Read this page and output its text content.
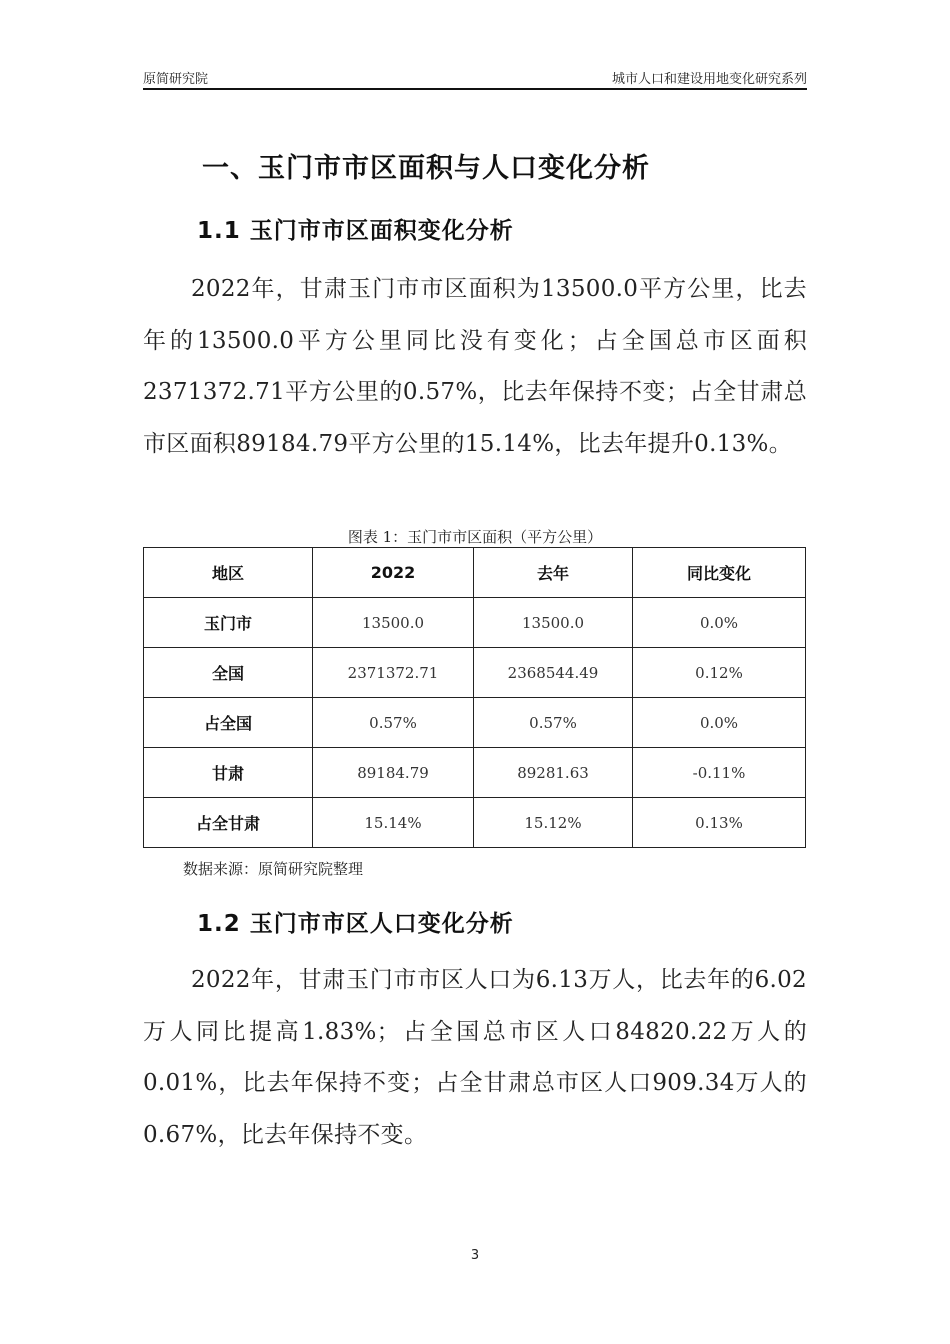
原简研究院	城市人口和建设用地变化研究系列
一、玉门市市区面积与人口变化分析
1.1 玉门市市区面积变化分析
2022年，甘肃玉门市市区面积为13500.0平方公里，比去年的13500.0平方公里同比没有变化；占全国总市区面积2371372.71平方公里的0.57%，比去年保持不变；占全甘肃总市区面积89184.79平方公里的15.14%，比去年提升0.13%。
图表 1：玉门市市区面积（平方公里）
地区	2022	去年	同比变化
玉门市	13500.0	13500.0	0.0%
全国	2371372.71	2368544.49	0.12%
占全国	0.57%	0.57%	0.0%
甘肃	89184.79	89281.63	-0.11%
占全甘肃	15.14%	15.12%	0.13%
数据来源：原简研究院整理
1.2 玉门市市区人口变化分析
2022年，甘肃玉门市市区人口为6.13万人，比去年的6.02万人同比提高1.83%；占全国总市区人口84820.22万人的0.01%，比去年保持不变；占全甘肃总市区人口909.34万人的0.67%，比去年保持不变。
3
